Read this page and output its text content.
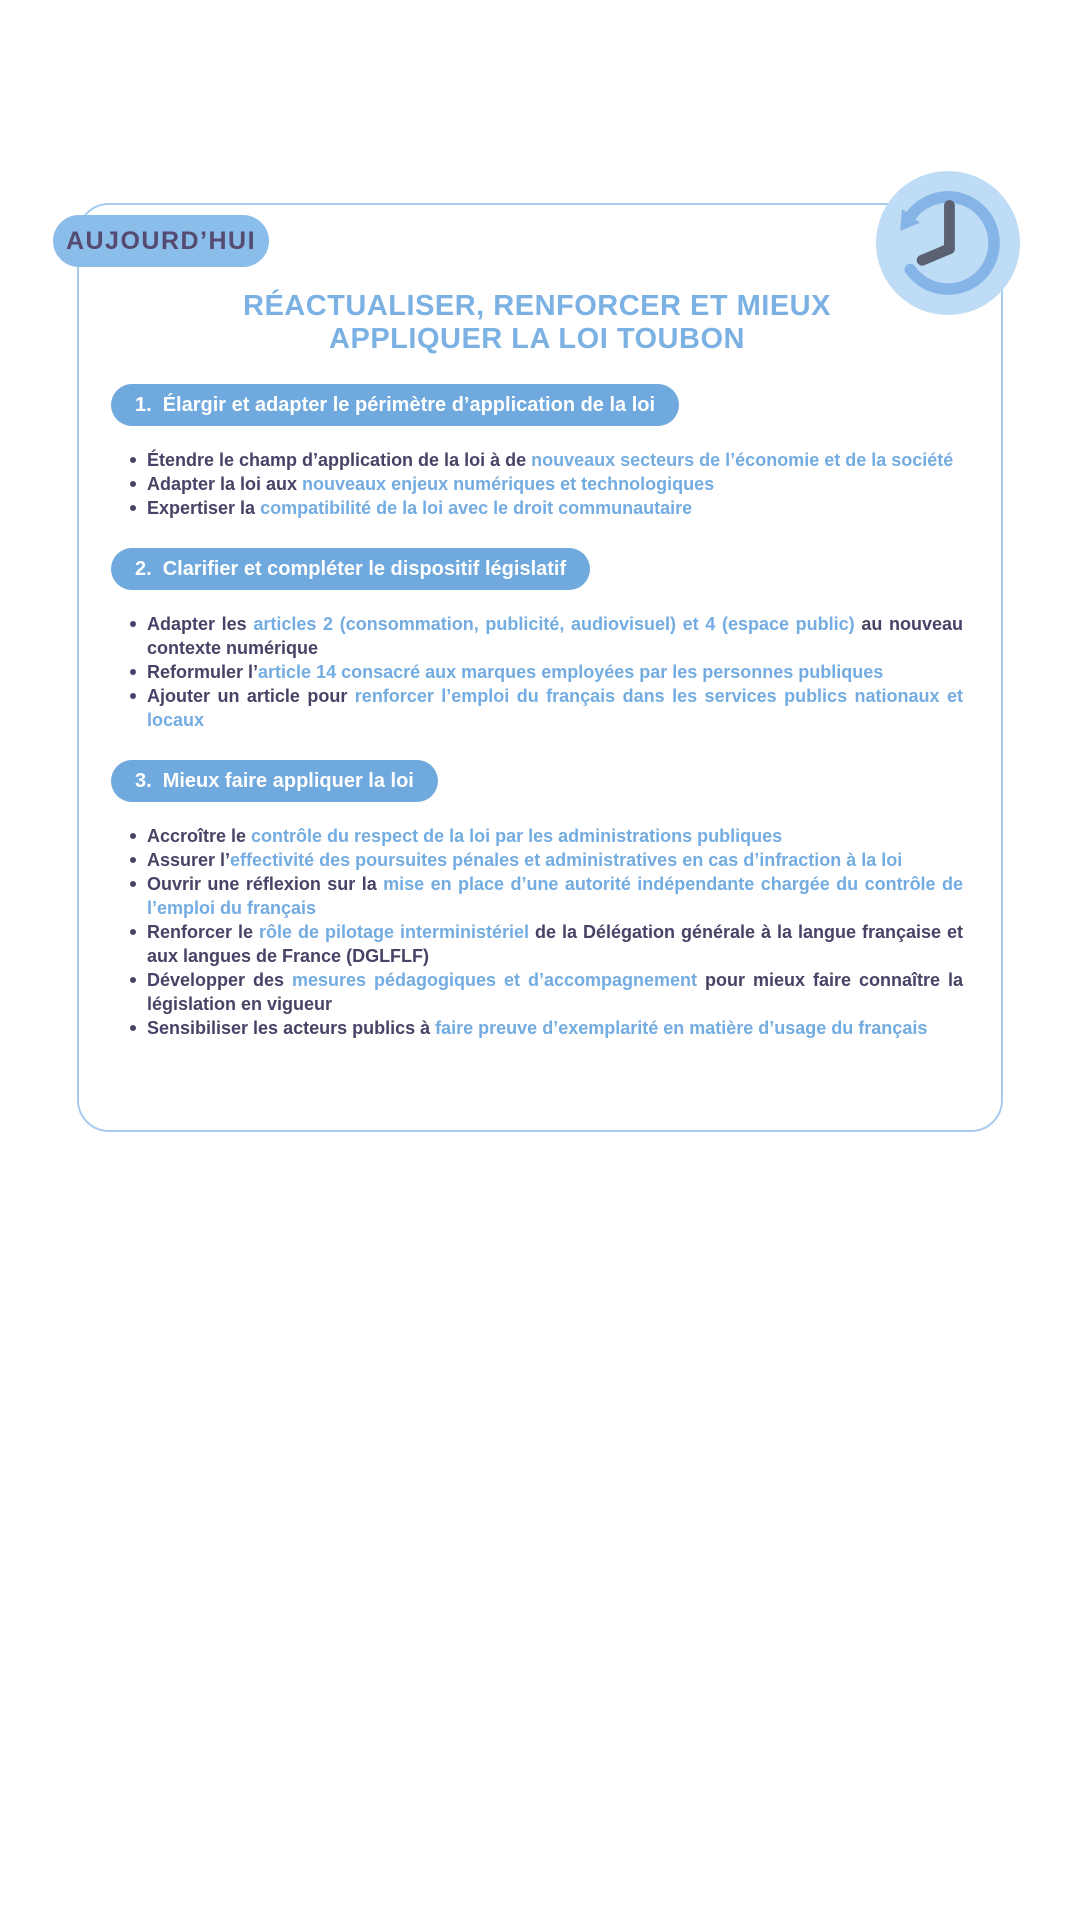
AUJOURD’HUI
RÉACTUALISER, RENFORCER ET MIEUX
APPLIQUER LA LOI TOUBON
1. Élargir et adapter le périmètre d’application de la loi
Étendre le champ d’application de la loi à de nouveaux secteurs de l’économie et de la société
Adapter la loi aux nouveaux enjeux numériques et technologiques
Expertiser la compatibilité de la loi avec le droit communautaire
2. Clarifier et compléter le dispositif législatif
Adapter les articles 2 (consommation, publicité, audiovisuel) et 4 (espace public) au nouveau contexte numérique
Reformuler l’article 14 consacré aux marques employées par les personnes publiques
Ajouter un article pour renforcer l’emploi du français dans les services publics nationaux et locaux
3. Mieux faire appliquer la loi
Accroître le contrôle du respect de la loi par les administrations publiques
Assurer l’effectivité des poursuites pénales et administratives en cas d’infraction à la loi
Ouvrir une réflexion sur la mise en place d’une autorité indépendante chargée du contrôle de l’emploi du français
Renforcer le rôle de pilotage interministériel de la Délégation générale à la langue française et aux langues de France (DGLFLF)
Développer des mesures pédagogiques et d’accompagnement pour mieux faire connaître la législation en vigueur
Sensibiliser les acteurs publics à faire preuve d’exemplarité en matière d’usage du français
